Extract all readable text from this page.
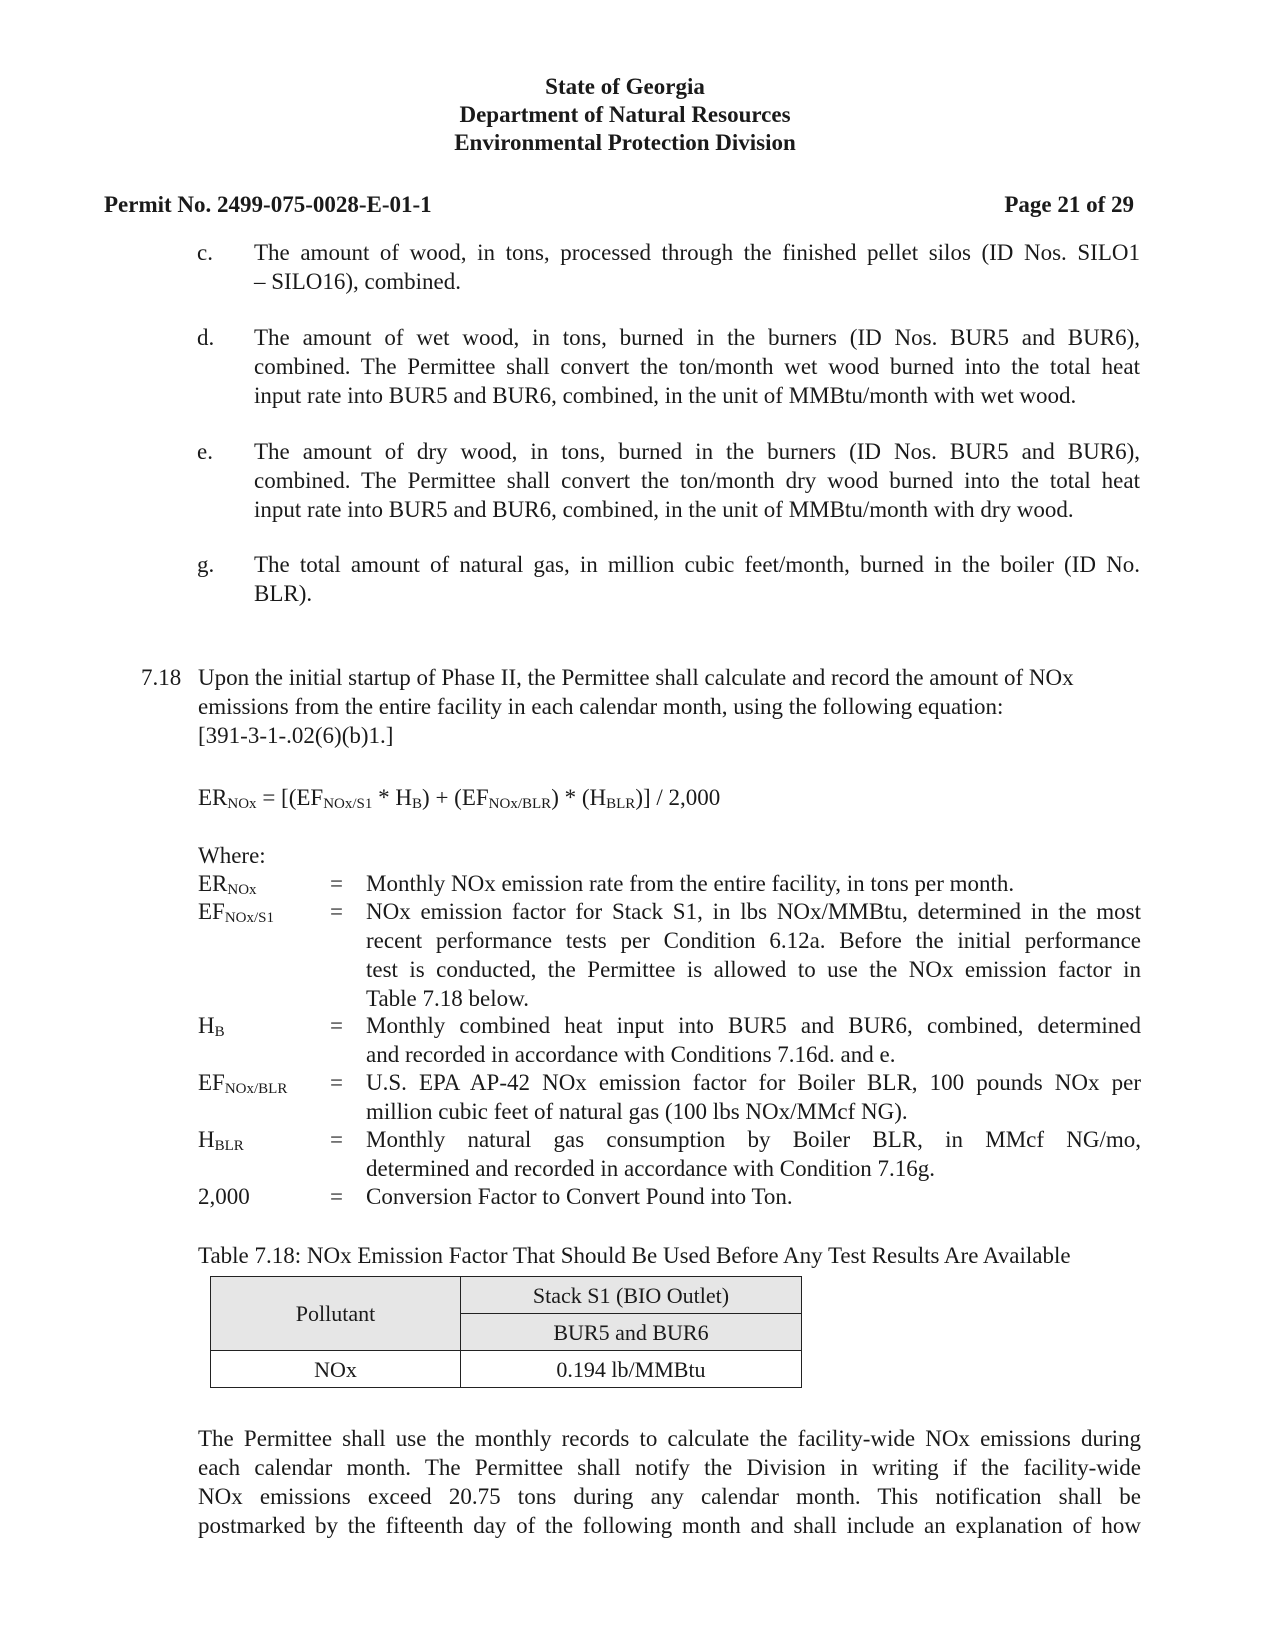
State of Georgia
Department of Natural Resources
Environmental Protection Division
Permit No. 2499-075-0028-E-01-1	Page 21 of 29
c.	The amount of wood, in tons, processed through the finished pellet silos (ID Nos. SILO1
– SILO16), combined.
d.	The amount of wet wood, in tons, burned in the burners (ID Nos. BUR5 and BUR6),
combined. The Permittee shall convert the ton/month wet wood burned into the total heat
input rate into BUR5 and BUR6, combined, in the unit of MMBtu/month with wet wood.
e.	The amount of dry wood, in tons, burned in the burners (ID Nos. BUR5 and BUR6),
combined. The Permittee shall convert the ton/month dry wood burned into the total heat
input rate into BUR5 and BUR6, combined, in the unit of MMBtu/month with dry wood.
g.	The total amount of natural gas, in million cubic feet/month, burned in the boiler (ID No.
BLR).
7.18 Upon the initial startup of Phase II, the Permittee shall calculate and record the amount of NOx
emissions from the entire facility in each calendar month, using the following equation:
[391-3-1-.02(6)(b)1.]
$ER_{NOx} = [(EF_{NOx/S1} * H_B) + (EF_{NOx/BLR}) * (H_{BLR})] / 2,000$
Where:
$ER_{NOx}$	= Monthly NOx emission rate from the entire facility, in tons per month.
$EF_{NOx/S1}$ = NOx emission factor for Stack S1, in lbs NOx/MMBtu, determined in the most
recent performance tests per Condition 6.12a. Before the initial performance
test is conducted, the Permittee is allowed to use the NOx emission factor in
Table 7.18 below.
$H_B$	= Monthly combined heat input into BUR5 and BUR6, combined, determined
and recorded in accordance with Conditions 7.16d. and e.
$EF_{NOx/BLR} = U.S$. EPA AP-42 NOx emission factor for Boiler BLR, 100 pounds NOx per
million cubic feet of natural gas (100 lbs NOx/MMcf NG).
$H_{BLR}$	= Monthly natural gas consumption by Boiler BLR, in MMcf NG/mo,
determined and recorded in accordance with Condition 7.16g.
2,000	= Conversion Factor to Convert Pound into Ton.
Table 7.18: NOx Emission Factor That Should Be Used Before Any Test Results Are Available
Pollutant	Stack S1 (BIO Outlet)
	BUR5 and BUR6
NOx	0.194 lb/MMBtu
The Permittee shall use the monthly records to calculate the facility-wide NOx emissions during
each calendar month. The Permittee shall notify the Division in writing if the facility-wide
NOx emissions exceed 20.75 tons during any calendar month. This notification shall be
postmarked by the fifteenth day of the following month and shall include an explanation of how
